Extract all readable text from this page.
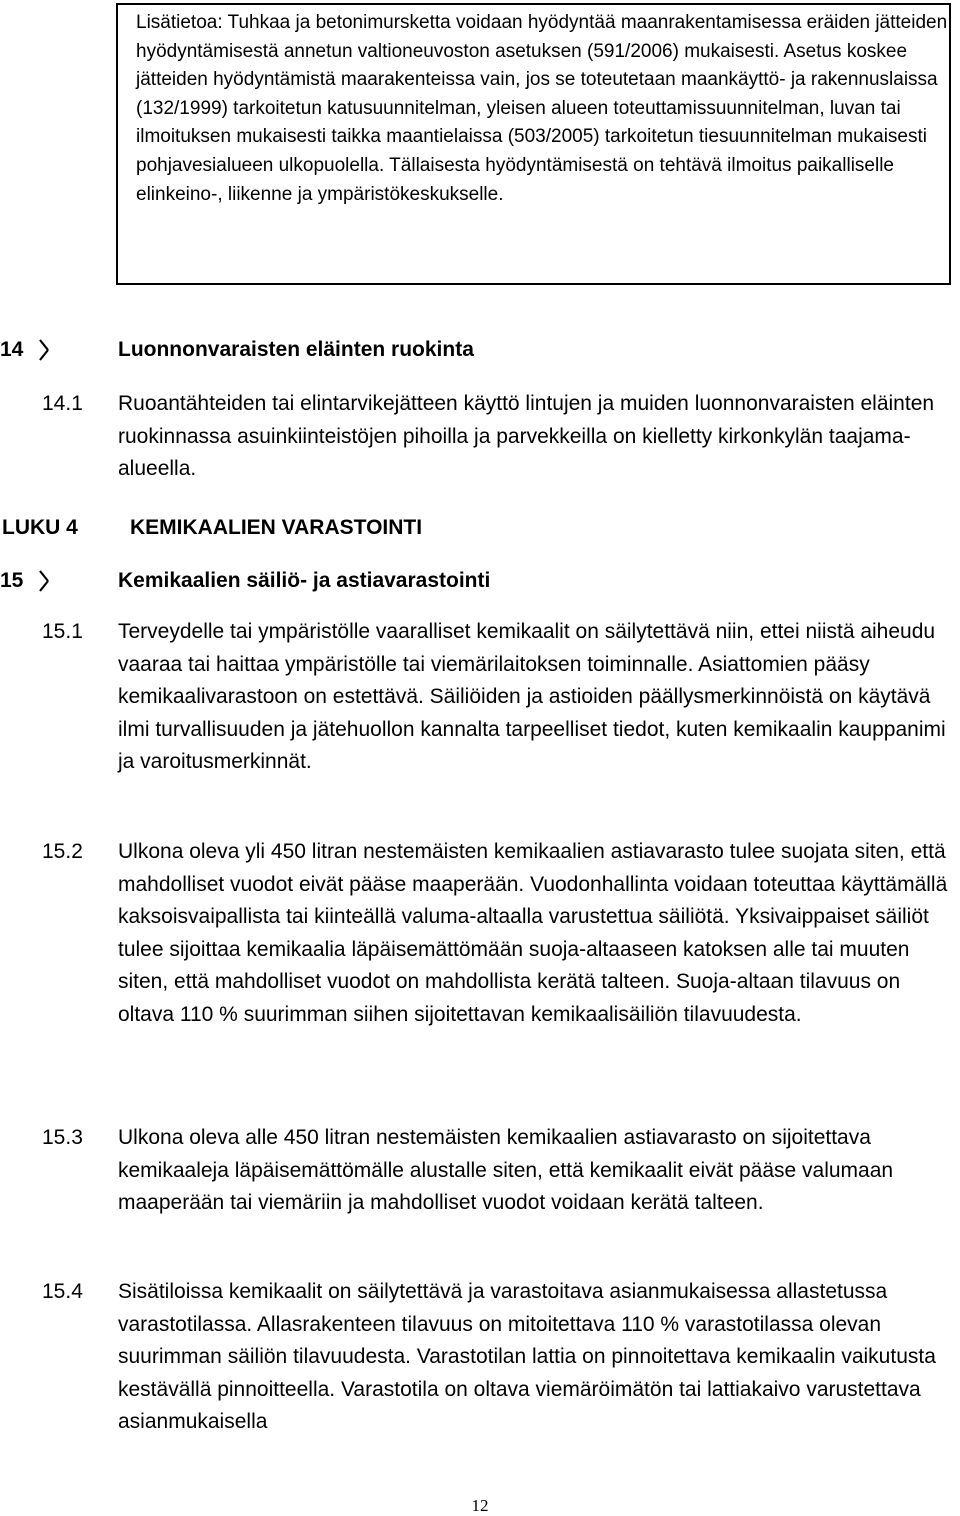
Lisätietoa: Tuhkaa ja betonimursketta voidaan hyödyntää maanrakentamisessa eräiden jätteiden hyödyntämisestä annetun valtioneuvoston asetuksen (591/2006) mukaisesti. Asetus koskee jätteiden hyödyntämistä maarakenteissa vain, jos se toteutetaan maankäyttö- ja rakennuslaissa (132/1999) tarkoitetun katusuunnitelman, yleisen alueen toteuttamissuunnitelman, luvan tai ilmoituksen mukaisesti taikka maantielaissa (503/2005) tarkoitetun tiesuunnitelman mukaisesti pohjavesialueen ulkopuolella. Tällaisesta hyödyntämisestä on tehtävä ilmoitus paikalliselle elinkeino-, liikenne ja ympäristökeskukselle.

14	Luonnonvaraisten eläinten ruokinta
14.1 Ruoantähteiden tai elintarvikejätteen käyttö lintujen ja muiden luonnonvaraisten eläinten ruokinnassa asuinkiinteistöjen pihoilla ja parvekkeilla on kielletty kirkonkylän taajama-alueella.

LUKU 4 KEMIKAALIEN VARASTOINTI
15	Kemikaalien säiliö- ja astiavarastointi
15.1 Terveydelle tai ympäristölle vaaralliset kemikaalit on säilytettävä niin, ettei niistä aiheudu vaaraa tai haittaa ympäristölle tai viemärilaitoksen toiminnalle. Asiattomien pääsy kemikaalivarastoon on estettävä. Säiliöiden ja astioiden päällysmerkinnöistä on käytävä ilmi turvallisuuden ja jätehuollon kannalta tarpeelliset tiedot, kuten kemikaalin kauppanimi ja varoitusmerkinnät.

15.2 Ulkona oleva yli 450 litran nestemäisten kemikaalien astiavarasto tulee suojata siten, että mahdolliset vuodot eivät pääse maaperään. Vuodonhallinta voidaan toteuttaa käyttämällä kaksoisvaipallista tai kiinteällä valuma-altaalla varustettua säiliötä. Yksivaippaiset säiliöt tulee sijoittaa kemikaalia läpäisemättömään suoja-altaaseen katoksen alle tai muuten siten, että mahdolliset vuodot on mahdollista kerätä talteen. Suoja-altaan tilavuus on oltava 110 % suurimman siihen sijoitettavan kemikaalisäiliön tilavuudesta.

15.3 Ulkona oleva alle 450 litran nestemäisten kemikaalien astiavarasto on sijoitettava kemikaaleja läpäisemättömälle alustalle siten, että kemikaalit eivät pääse valumaan maaperään tai viemäriin ja mahdolliset vuodot voidaan kerätä talteen.

15.4 Sisätiloissa kemikaalit on säilytettävä ja varastoitava asianmukaisessa allastetussa varastotilassa. Allasrakenteen tilavuus on mitoitettava 110 % varastotilassa olevan suurimman säiliön tilavuudesta. Varastotilan lattia on pinnoitettava kemikaalin vaikutusta kestävällä pinnoitteella. Varastotila on oltava viemäröimätön tai lattiakaivo varustettava asianmukaisella

12
